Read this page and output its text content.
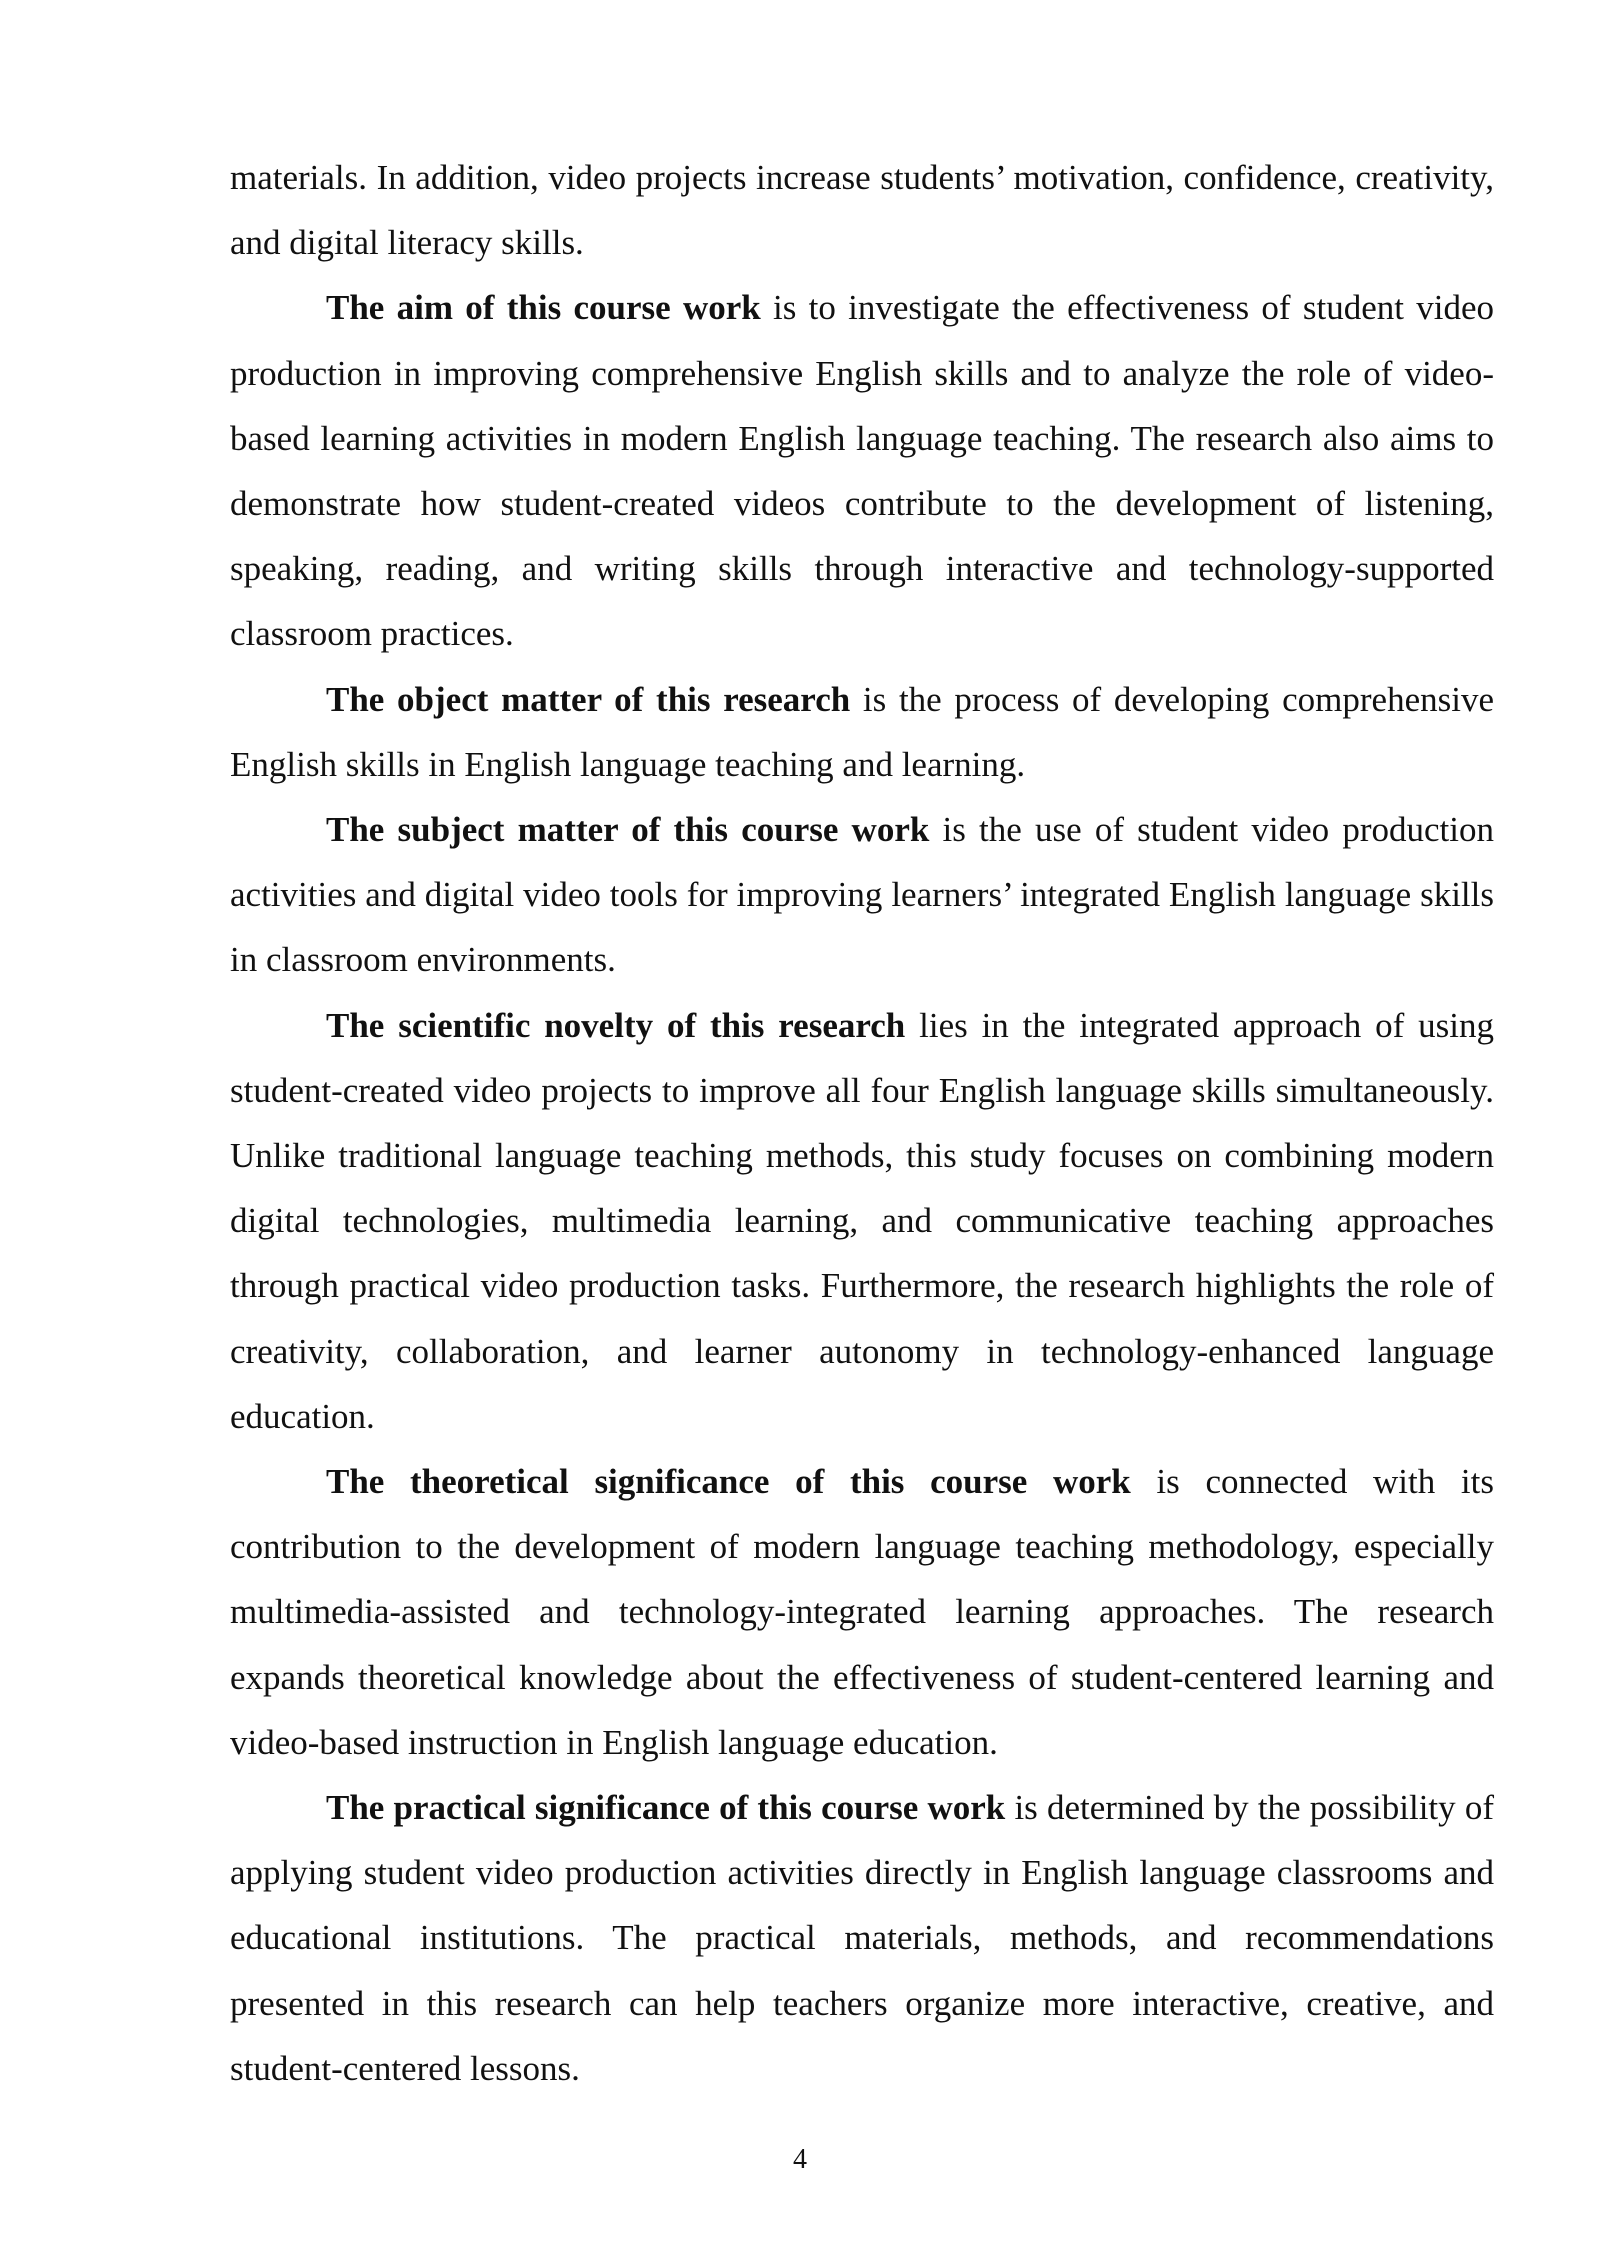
materials. In addition, video projects increase students’ motivation, confidence, creativity, and digital literacy skills.

The aim of this course work is to investigate the effectiveness of student video production in improving comprehensive English skills and to analyze the role of video-based learning activities in modern English language teaching. The research also aims to demonstrate how student-created videos contribute to the development of listening, speaking, reading, and writing skills through interactive and technology-supported classroom practices.

The object matter of this research is the process of developing comprehensive English skills in English language teaching and learning.

The subject matter of this course work is the use of student video production activities and digital video tools for improving learners’ integrated English language skills in classroom environments.

The scientific novelty of this research lies in the integrated approach of using student-created video projects to improve all four English language skills simultaneously. Unlike traditional language teaching methods, this study focuses on combining modern digital technologies, multimedia learning, and communicative teaching approaches through practical video production tasks. Furthermore, the research highlights the role of creativity, collaboration, and learner autonomy in technology-enhanced language education.

The theoretical significance of this course work is connected with its contribution to the development of modern language teaching methodology, especially multimedia-assisted and technology-integrated learning approaches. The research expands theoretical knowledge about the effectiveness of student-centered learning and video-based instruction in English language education.

The practical significance of this course work is determined by the possibility of applying student video production activities directly in English language classrooms and educational institutions. The practical materials, methods, and recommendations presented in this research can help teachers organize more interactive, creative, and student-centered lessons.

4
